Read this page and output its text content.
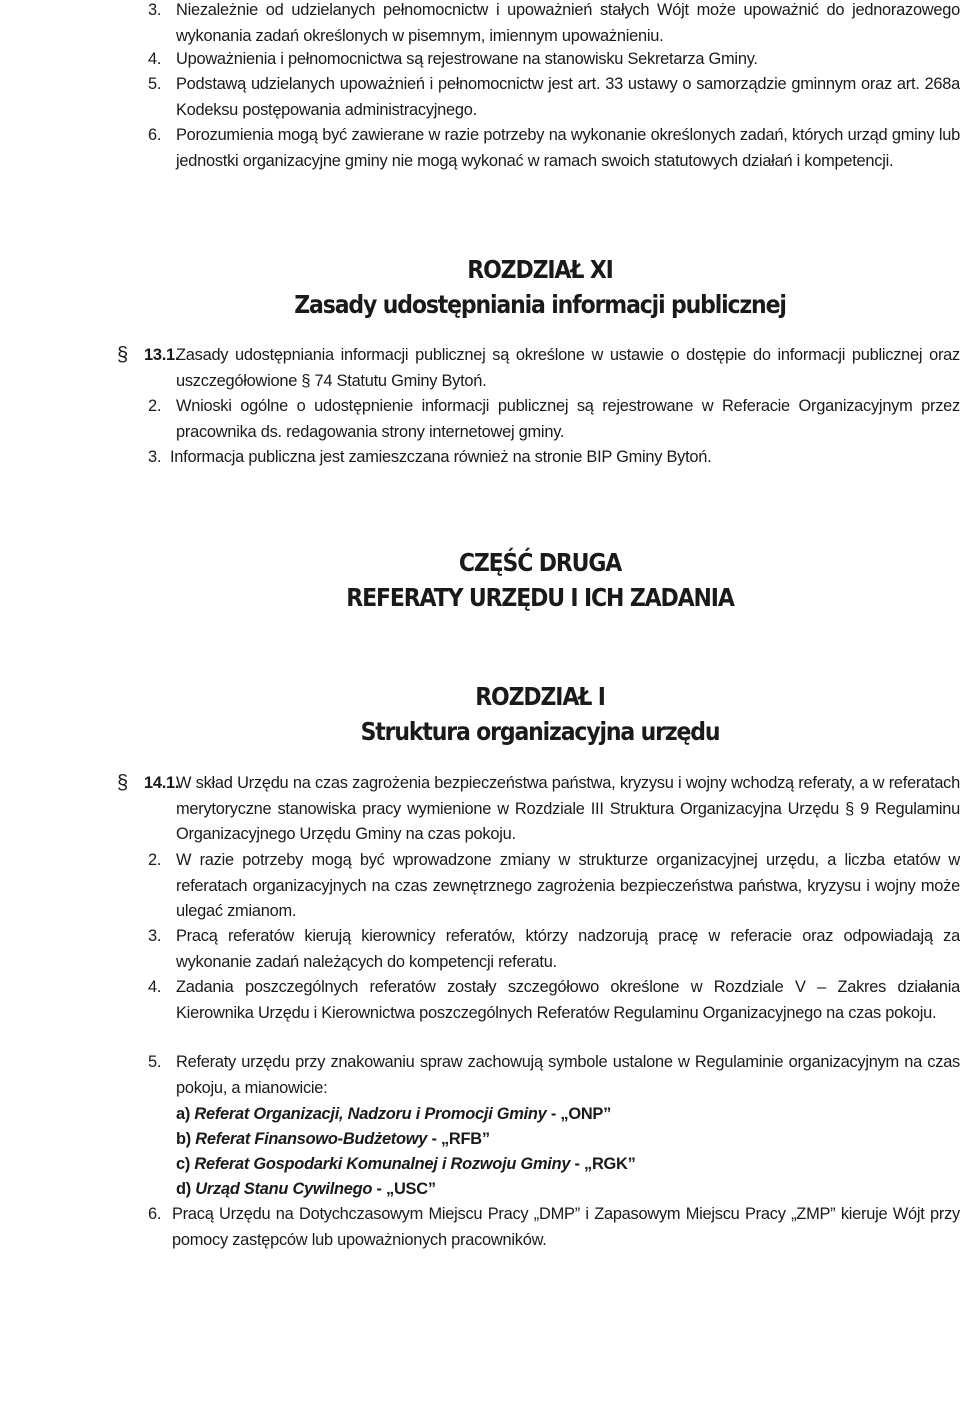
3. Niezależnie od udzielanych pełnomocnictw i upoważnień stałych Wójt może upoważnić do jednorazowego wykonania zadań określonych w pisemnym, imiennym upoważnieniu.
4. Upoważnienia i pełnomocnictwa są rejestrowane na stanowisku Sekretarza Gminy.
5. Podstawą udzielanych upoważnień i pełnomocnictw jest art. 33 ustawy o samorządzie gminnym oraz art. 268a Kodeksu postępowania administracyjnego.
6. Porozumienia mogą być zawierane w razie potrzeby na wykonanie określonych zadań, których urząd gminy lub jednostki organizacyjne gminy nie mogą wykonać w ramach swoich statutowych działań i kompetencji.
ROZDZIAŁ XI
Zasady udostępniania informacji publicznej
§ 13.1.
Zasady udostępniania informacji publicznej są określone w ustawie o dostępie do informacji publicznej oraz uszczegółowione § 74 Statutu Gminy Bytoń.
2. Wnioski ogólne o udostępnienie informacji publicznej są rejestrowane w Referacie Organizacyjnym przez pracownika ds. redagowania strony internetowej gminy.
3. Informacja publiczna jest zamieszczana również na stronie BIP Gminy Bytoń.
CZĘŚĆ DRUGA
REFERATY URZĘDU I ICH ZADANIA
ROZDZIAŁ I
Struktura organizacyjna urzędu
§ 14.1.
W skład Urzędu na czas zagrożenia bezpieczeństwa państwa, kryzysu i wojny wchodzą referaty, a w referatach merytoryczne stanowiska pracy wymienione w Rozdziale III Struktura Organizacyjna Urzędu § 9 Regulaminu Organizacyjnego Urzędu Gminy na czas pokoju.
2. W razie potrzeby mogą być wprowadzone zmiany w strukturze organizacyjnej urzędu, a liczba etatów w referatach organizacyjnych na czas zewnętrznego zagrożenia bezpieczeństwa państwa, kryzysu i wojny może ulegać zmianom.
3. Pracą referatów kierują kierownicy referatów, którzy nadzorują pracę w referacie oraz odpowiadają za wykonanie zadań należących do kompetencji referatu.
4. Zadania poszczególnych referatów zostały szczegółowo określone w Rozdziale V – Zakres działania Kierownika Urzędu i Kierownictwa poszczególnych Referatów Regulaminu Organizacyjnego na czas pokoju.
5. Referaty urzędu przy znakowaniu spraw zachowują symbole ustalone w Regulaminie organizacyjnym na czas pokoju, a mianowicie:
a) Referat Organizacji, Nadzoru i Promocji Gminy - „ONP”
b) Referat Finansowo-Budżetowy - „RFB”
c) Referat Gospodarki Komunalnej i Rozwoju Gminy - „RGK”
d) Urząd Stanu Cywilnego - „USC”
6. Pracą Urzędu na Dotychczasowym Miejscu Pracy „DMP” i Zapasowym Miejscu Pracy „ZMP” kieruje Wójt przy pomocy zastępców lub upoważnionych pracowników.
